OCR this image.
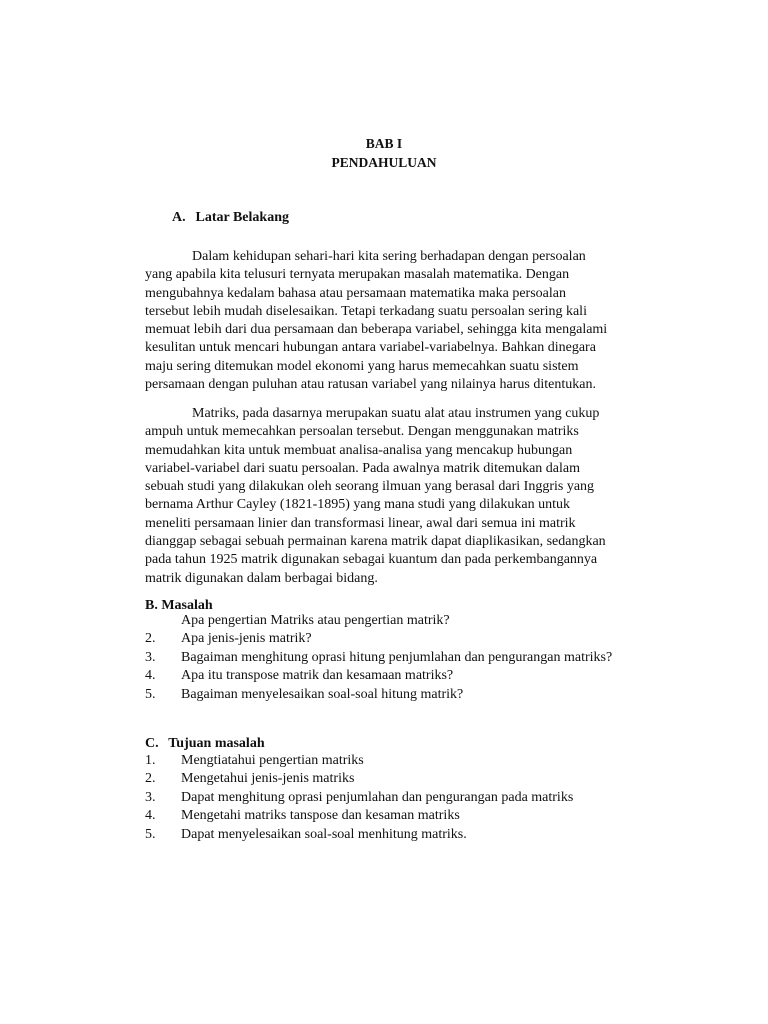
BAB I
PENDAHULUAN
A. Latar Belakang
Dalam kehidupan sehari-hari kita sering berhadapan dengan persoalan
yang apabila kita telusuri ternyata merupakan masalah matematika. Dengan
mengubahnya kedalam bahasa atau persamaan matematika maka persoalan
tersebut lebih mudah diselesaikan. Tetapi terkadang suatu persoalan sering kali
memuat lebih dari dua persamaan dan beberapa variabel, sehingga kita mengalami
kesulitan untuk mencari hubungan antara variabel-variabelnya. Bahkan dinegara
maju sering ditemukan model ekonomi yang harus memecahkan suatu sistem
persamaan dengan puluhan atau ratusan variabel yang nilainya harus ditentukan.
Matriks, pada dasarnya merupakan suatu alat atau instrumen yang cukup
ampuh untuk memecahkan persoalan tersebut. Dengan menggunakan matriks
memudahkan kita untuk membuat analisa-analisa yang mencakup hubungan
variabel-variabel dari suatu persoalan. Pada awalnya matrik ditemukan dalam
sebuah studi yang dilakukan oleh seorang ilmuan yang berasal dari Inggris yang
bernama Arthur Cayley (1821-1895) yang mana studi yang dilakukan untuk
meneliti persamaan linier dan transformasi linear, awal dari semua ini matrik
dianggap sebagai sebuah permainan karena matrik dapat diaplikasikan, sedangkan
pada tahun 1925 matrik digunakan sebagai kuantum dan pada perkembangannya
matrik digunakan dalam berbagai bidang.
B. Masalah
Apa pengertian Matriks atau pengertian matrik?
2.	Apa jenis-jenis matrik?
3.	Bagaiman menghitung oprasi hitung penjumlahan dan pengurangan matriks?
4.	Apa itu transpose matrik dan kesamaan matriks?
5.	Bagaiman menyelesaikan soal-soal hitung matrik?
C. Tujuan masalah
1.	Mengtiatahui pengertian matriks
2.	Mengetahui jenis-jenis matriks
3.	Dapat menghitung oprasi penjumlahan dan pengurangan pada matriks
4.	Mengetahi matriks tanspose dan kesaman matriks
5.	Dapat menyelesaikan soal-soal menhitung matriks.
